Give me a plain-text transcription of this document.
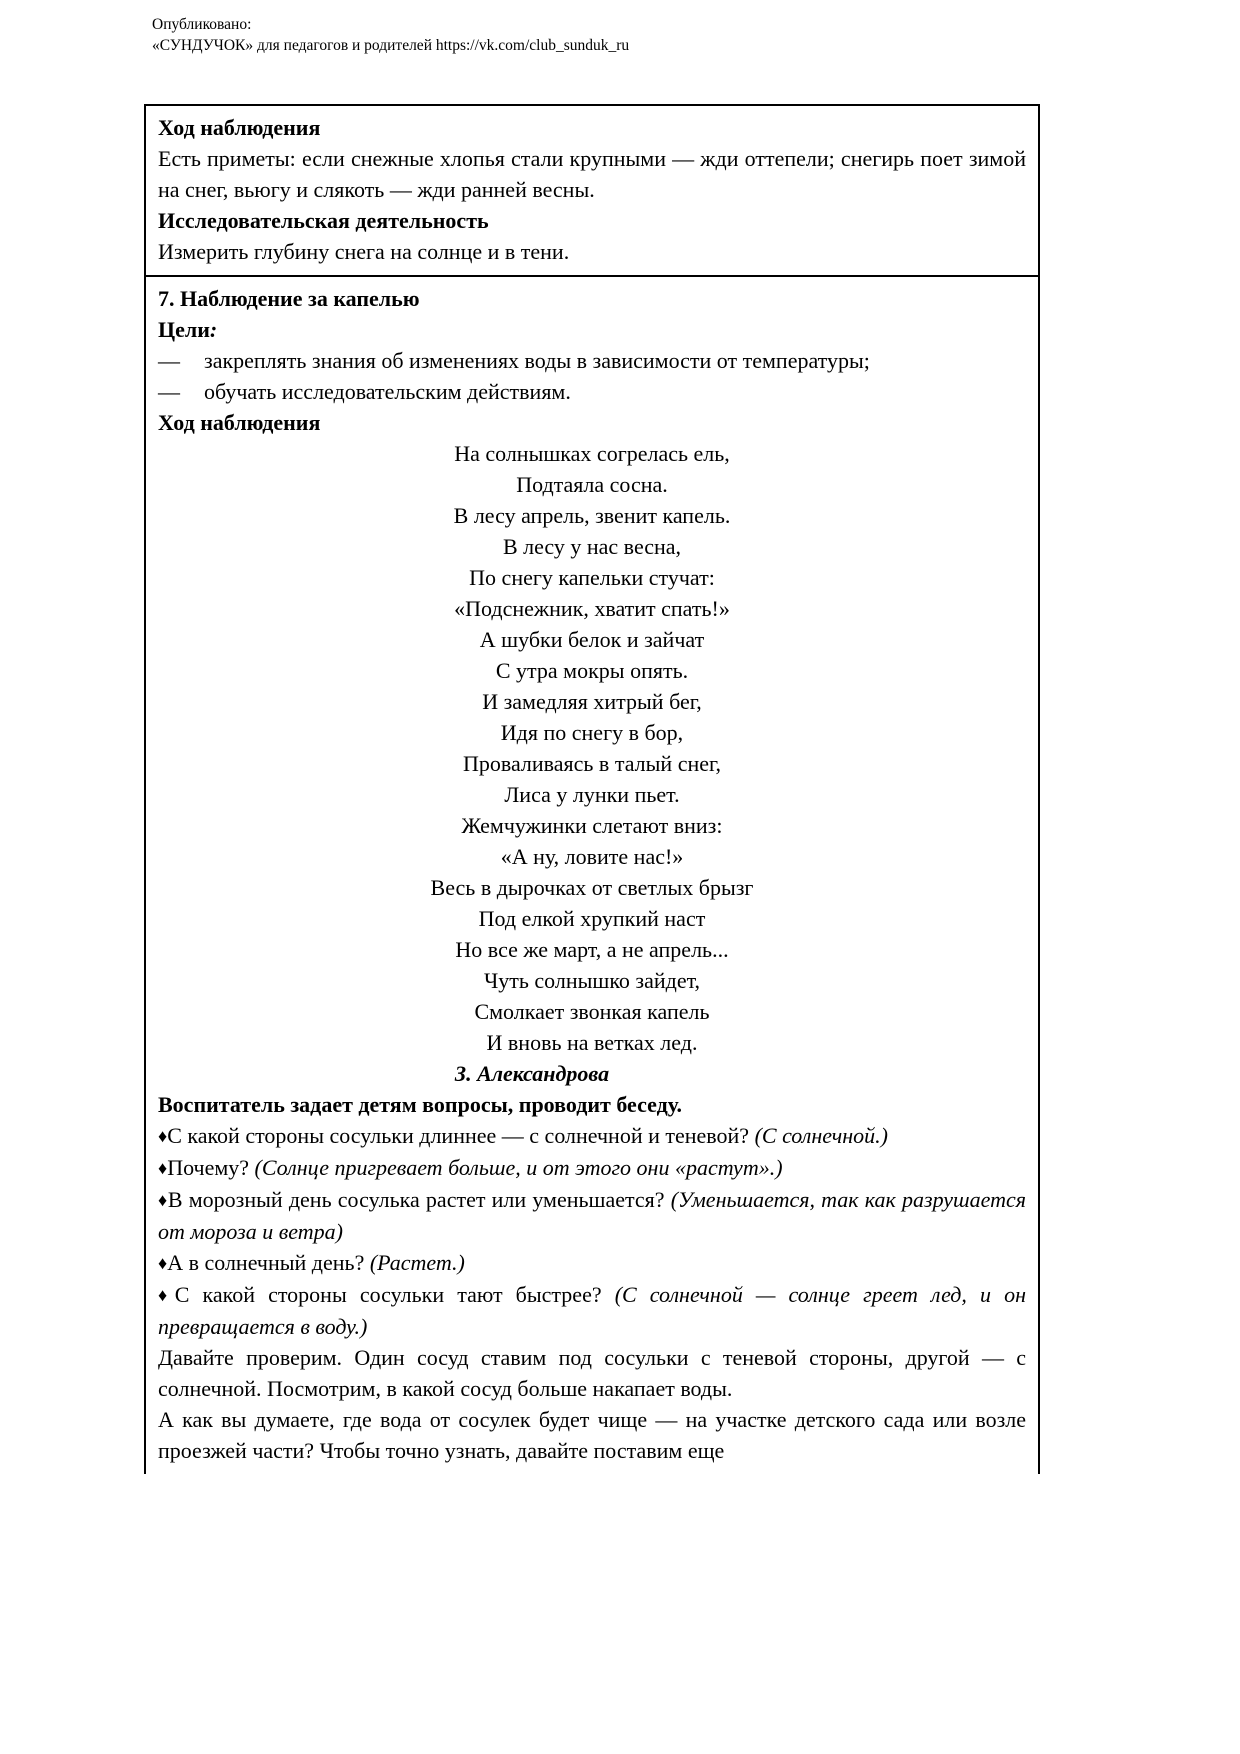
Опубликовано:
«СУНДУЧОК» для педагогов и родителей https://vk.com/club_sunduk_ru

Ход наблюдения

Есть приметы: если снежные хлопья стали крупными — жди оттепели; снегирь поет зимой на снег, вьюгу и слякоть — жди ранней весны.

Исследовательская деятельность

Измерить глубину снега на солнце и в тени.

7. Наблюдение за капелью

Цели:

—	закреплять знания об изменениях воды в зависимости от температуры;
—	обучать исследовательским действиям.

Ход наблюдения

На солнышках согрелась ель,
Подтаяла сосна.
В лесу апрель, звенит капель.
В лесу у нас весна,
По снегу капельки стучат:
«Подснежник, хватит спать!»
А шубки белок и зайчат
С утра мокры опять.
И замедляя хитрый бег,
Идя по снегу в бор,
Проваливаясь в талый снег,
Лиса у лунки пьет.
Жемчужинки слетают вниз:
«А ну, ловите нас!»
Весь в дырочках от светлых брызг
Под елкой хрупкий наст
Но все же март, а не апрель...
Чуть солнышко зайдет,
Смолкает звонкая капель
И вновь на ветках лед.
З. Александрова

Воспитатель задает детям вопросы, проводит беседу.

♦С какой стороны сосульки длиннее — с солнечной и теневой? (С солнечной.)
♦Почему? (Солнце пригревает больше, и от этого они «растут».)
♦В морозный день сосулька растет или уменьшается? (Уменьшается, так как разрушается от мороза и ветра)
♦А в солнечный день? (Растет.)
♦С какой стороны сосульки тают быстрее? (С солнечной — солнце греет лед, и он превращается в воду.)

Давайте проверим. Один сосуд ставим под сосульки с теневой стороны, другой — с солнечной. Посмотрим, в какой сосуд больше накапает воды.

А как вы думаете, где вода от сосулек будет чище — на участке детского сада или возле проезжей части? Чтобы точно узнать, давайте поставим еще
